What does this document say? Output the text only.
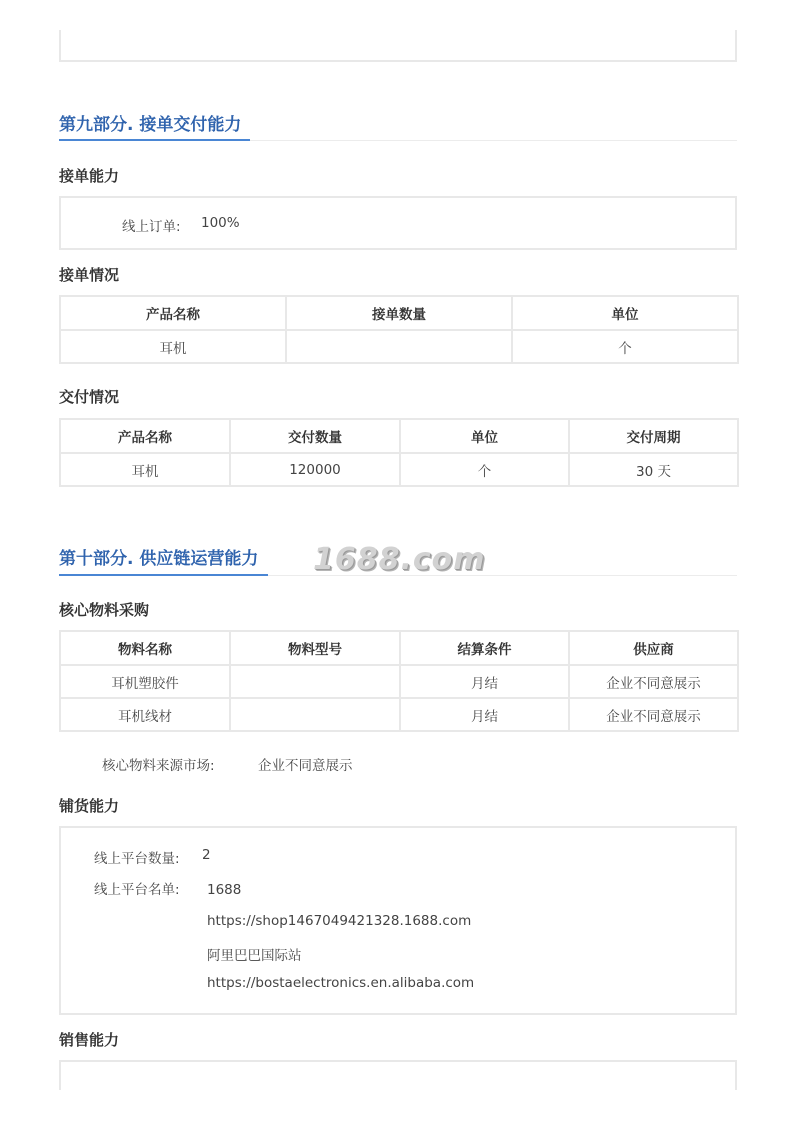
第九部分. 接单交付能力
接单能力
线上订单: 100%
接单情况
产品名称	接单数量	单位
耳机		个
交付情况
产品名称	交付数量	单位	交付周期
耳机	120000	个	30 天
第十部分. 供应链运营能力 1688.com
核心物料采购
物料名称	物料型号	结算条件	供应商
耳机塑胶件		月结	企业不同意展示
耳机线材		月结	企业不同意展示
核心物料来源市场:	企业不同意展示
铺货能力
线上平台数量: 2
线上平台名单: 1688
https://shop1467049421328.1688.com
阿里巴巴国际站
https://bostaelectronics.en.alibaba.com
销售能力
